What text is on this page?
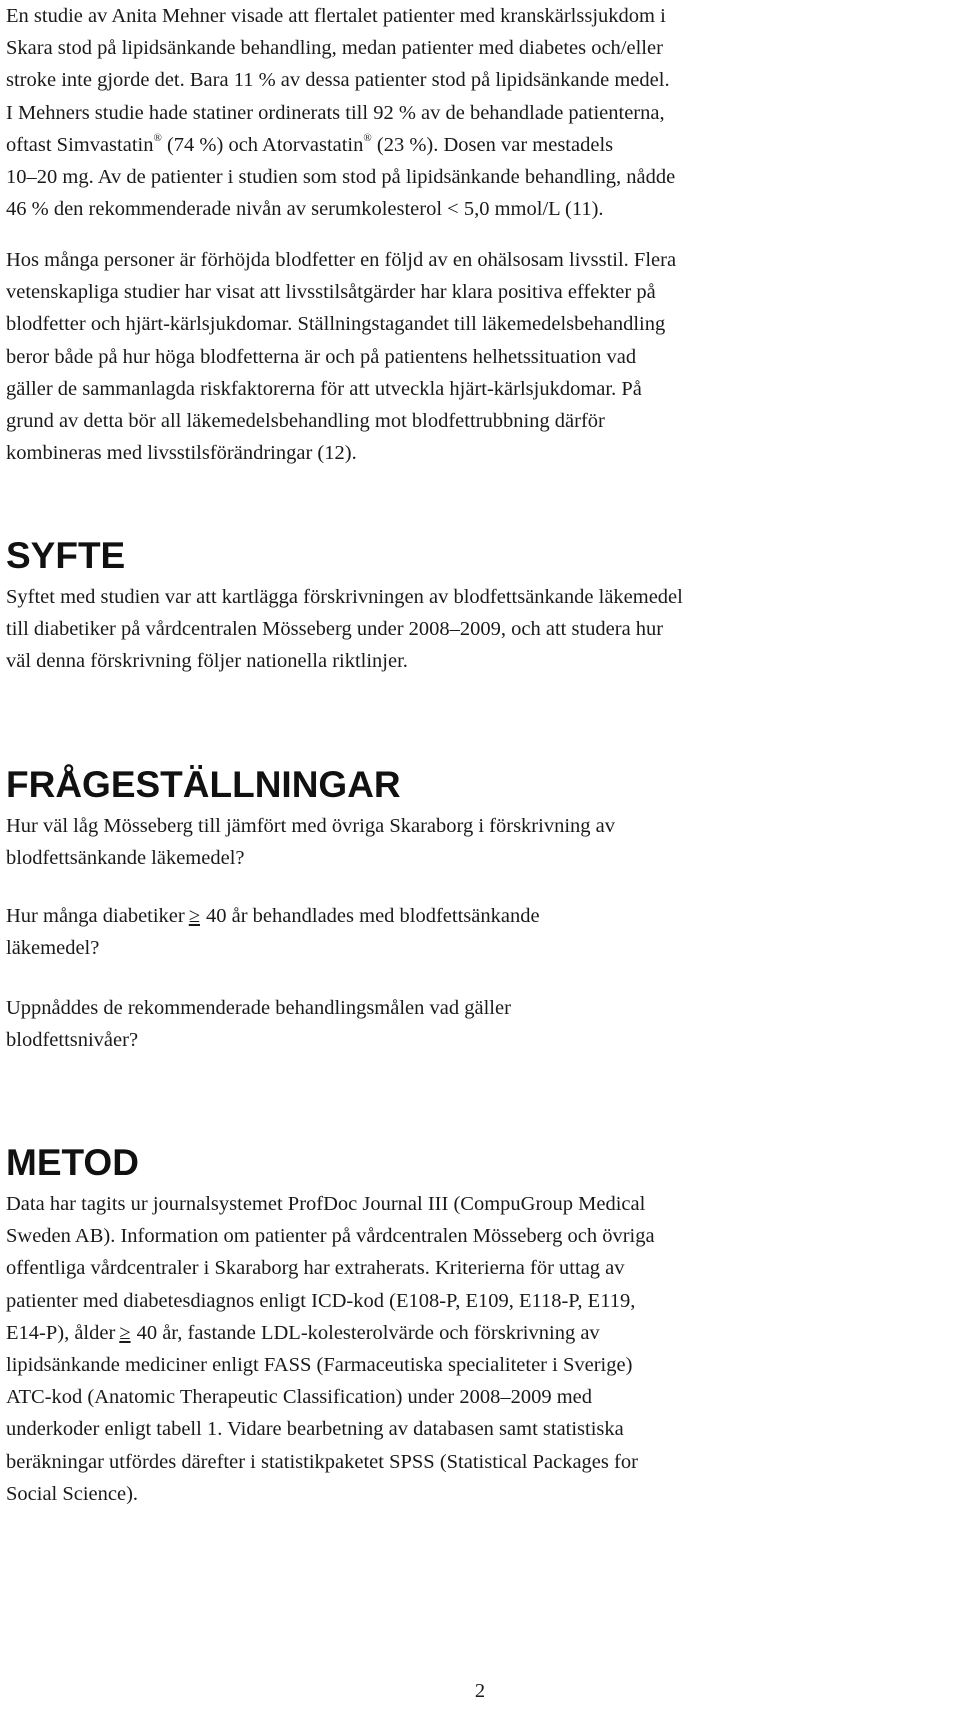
En studie av Anita Mehner visade att flertalet patienter med kranskärlssjukdom i
Skara stod på lipidsänkande behandling, medan patienter med diabetes och/eller
stroke inte gjorde det. Bara 11 % av dessa patienter stod på lipidsänkande medel.
I Mehners studie hade statiner ordinerats till 92 % av de behandlade patienterna,
oftast Simvastatin® (74 %) och Atorvastatin® (23 %). Dosen var mestadels
10–20 mg. Av de patienter i studien som stod på lipidsänkande behandling, nådde
46 % den rekommenderade nivån av serumkolesterol < 5,0 mmol/L (11).
Hos många personer är förhöjda blodfetter en följd av en ohälsosam livsstil. Flera
vetenskapliga studier har visat att livsstilsåtgärder har klara positiva effekter på
blodfetter och hjärt-kärlsjukdomar. Ställningstagandet till läkemedelsbehandling
beror både på hur höga blodfetterna är och på patientens helhetssituation vad
gäller de sammanlagda riskfaktorerna för att utveckla hjärt-kärlsjukdomar. På
grund av detta bör all läkemedelsbehandling mot blodfettrubbning därför
kombineras med livsstilsförändringar (12).
SYFTE
Syftet med studien var att kartlägga förskrivningen av blodfettsänkande läkemedel
till diabetiker på vårdcentralen Mösseberg under 2008–2009, och att studera hur
väl denna förskrivning följer nationella riktlinjer.
FRÅGESTÄLLNINGAR
Hur väl låg Mösseberg till jämfört med övriga Skaraborg i förskrivning av
blodfettsänkande läkemedel?
Hur många diabetiker ≥ 40 år behandlades med blodfettsänkande
läkemedel?
Uppnåddes de rekommenderade behandlingsmålen vad gäller
blodfettsnivåer?
METOD
Data har tagits ur journalsystemet ProfDoc Journal III (CompuGroup Medical
Sweden AB). Information om patienter på vårdcentralen Mösseberg och övriga
offentliga vårdcentraler i Skaraborg har extraherats. Kriterierna för uttag av
patienter med diabetesdiagnos enligt ICD-kod (E108-P, E109, E118-P, E119,
E14-P), ålder ≥ 40 år, fastande LDL-kolesterolvärde och förskrivning av
lipidsänkande mediciner enligt FASS (Farmaceutiska specialiteter i Sverige)
ATC-kod (Anatomic Therapeutic Classification) under 2008–2009 med
underkoder enligt tabell 1. Vidare bearbetning av databasen samt statistiska
beräkningar utfördes därefter i statistikpaketet SPSS (Statistical Packages for
Social Science).
2
